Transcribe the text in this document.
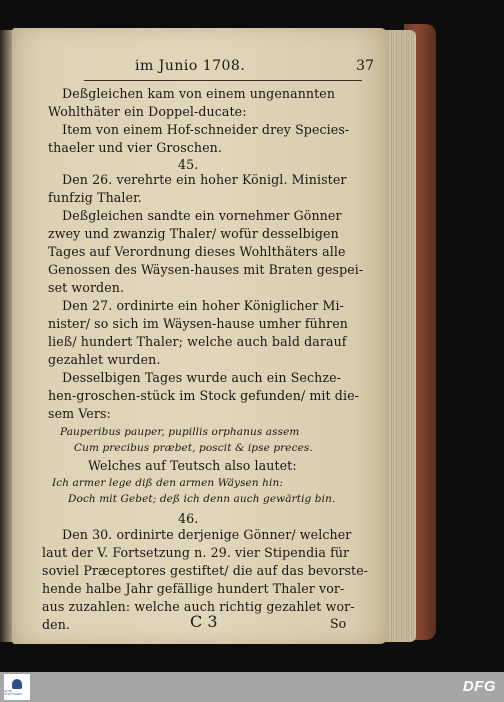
im Junio 1708.	37
Deßgleichen kam von einem ungenannten
Wohlthäter ein Doppel-ducate:
Item von einem Hof-schneider drey Species-
thaeler und vier Groschen.
45.
Den 26. verehrte ein hoher Königl. Minister
funfzig Thaler.
Deßgleichen sandte ein vornehmer Gönner
zwey und zwanzig Thaler/ wofür desselbigen
Tages auf Verordnung dieses Wohlthäters alle
Genossen des Wäysen-hauses mit Braten gespei-
set worden.
Den 27. ordinirte ein hoher Königlicher Mi-
nister/ so sich im Wäysen-hause umher führen
ließ/ hundert Thaler; welche auch bald darauf
gezahlet wurden.
Desselbigen Tages wurde auch ein Sechze-
hen-groschen-stück im Stock gefunden/ mit die-
sem Vers:
Pauperibus pauper, pupillis orphanus assem
Cum precibus præbet, poscit & ipse preces.
Welches auf Teutsch also lautet:
Ich armer lege diß den armen Wäysen hin:
Doch mit Gebet; deß ich denn auch gewärtig bin.
46.
Den 30. ordinirte derjenige Gönner/ welcher
laut der V. Fortsetzung n. 29. vier Stipendia für
soviel Præceptores gestiftet/ die auf das bevorste-
hende halbe Jahr gefällige hundert Thaler vor-
aus zuzahlen: welche auch richtig gezahlet wor-
den.	C 3	So
SLUB STUTTGART	DFG
